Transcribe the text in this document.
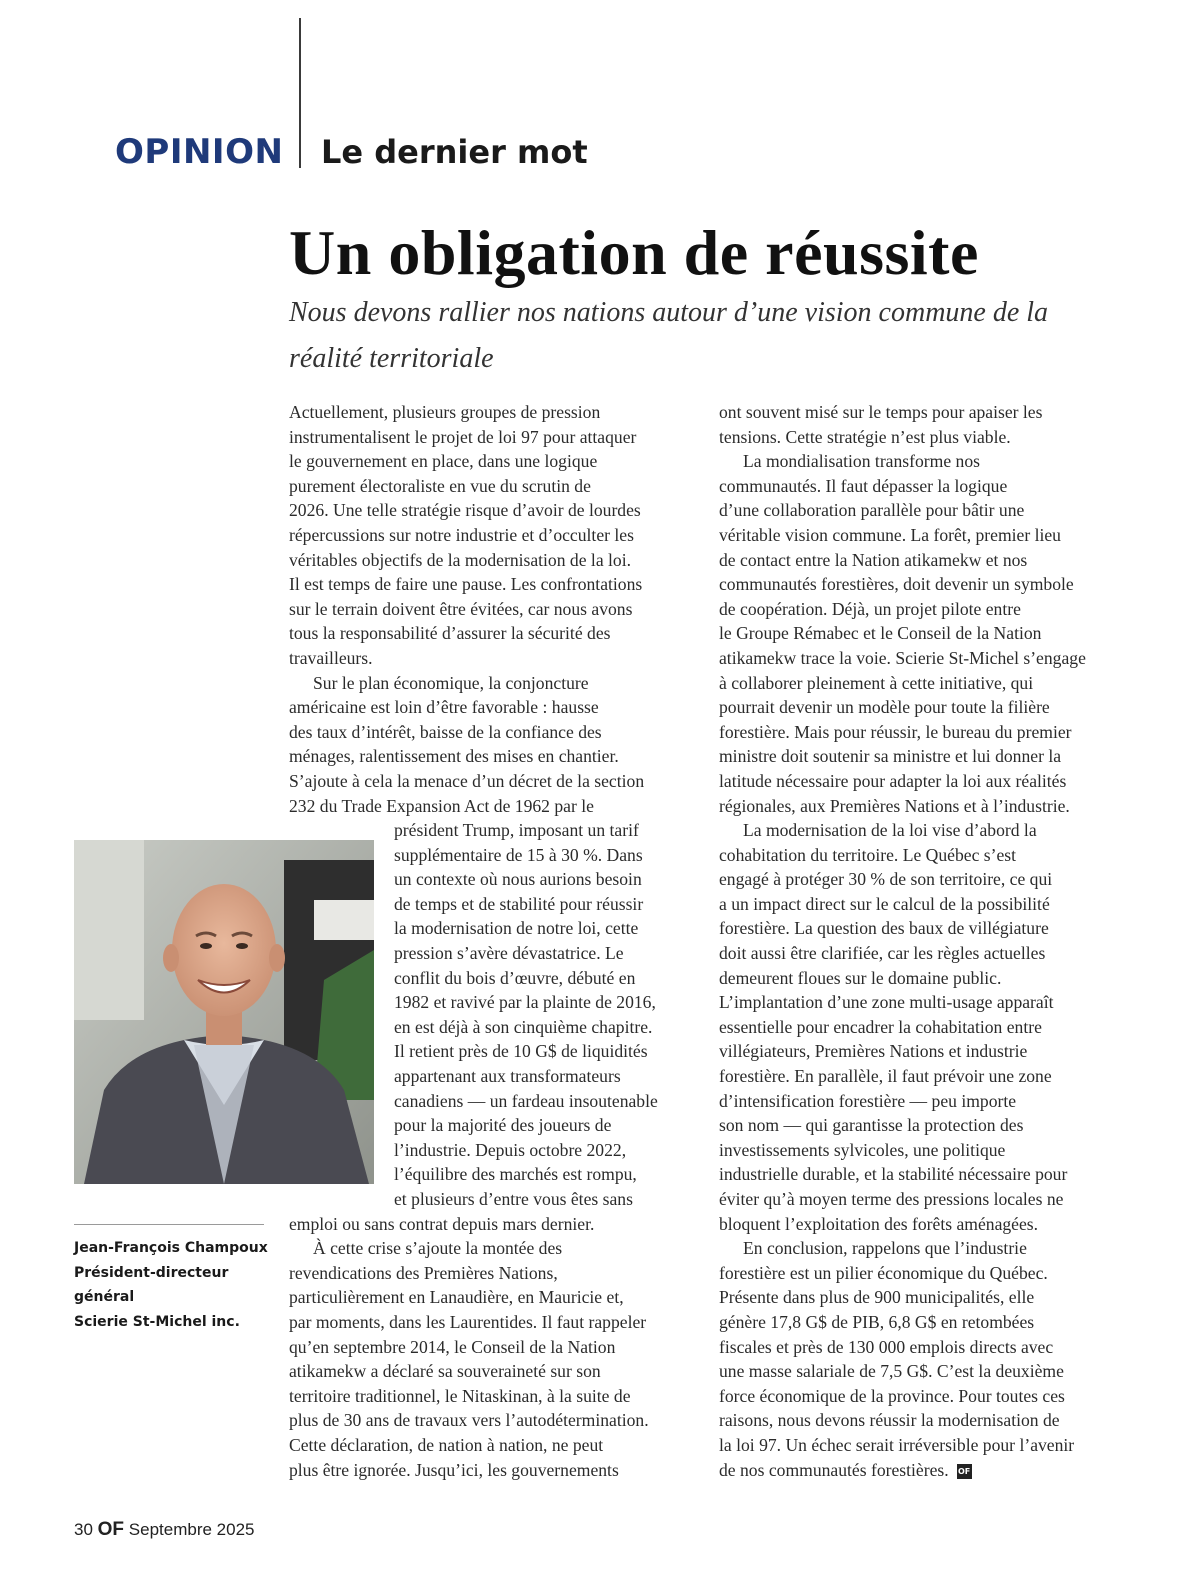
OPINION Le dernier mot
Un obligation de réussite
Nous devons rallier nos nations autour d’une vision commune de la
réalité territoriale
Actuellement, plusieurs groupes de pression
instrumentalisent le projet de loi 97 pour attaquer
le gouvernement en place, dans une logique
purement électoraliste en vue du scrutin de
2026. Une telle stratégie risque d’avoir de lourdes
répercussions sur notre industrie et d’occulter les
véritables objectifs de la modernisation de la loi.
Il est temps de faire une pause. Les confrontations
sur le terrain doivent être évitées, car nous avons
tous la responsabilité d’assurer la sécurité des
travailleurs.
Sur le plan économique, la conjoncture
américaine est loin d’être favorable : hausse
des taux d’intérêt, baisse de la confiance des
ménages, ralentissement des mises en chantier.
S’ajoute à cela la menace d’un décret de la section
232 du Trade Expansion Act de 1962 par le
président Trump, imposant un tarif
supplémentaire de 15 à 30 %. Dans
un contexte où nous aurions besoin
de temps et de stabilité pour réussir
la modernisation de notre loi, cette
pression s’avère dévastatrice. Le
conflit du bois d’œuvre, débuté en
1982 et ravivé par la plainte de 2016,
en est déjà à son cinquième chapitre.
Il retient près de 10 G$ de liquidités
appartenant aux transformateurs
canadiens — un fardeau insoutenable
pour la majorité des joueurs de
l’industrie. Depuis octobre 2022,
l’équilibre des marchés est rompu,
et plusieurs d’entre vous êtes sans
emploi ou sans contrat depuis mars dernier.
À cette crise s’ajoute la montée des
revendications des Premières Nations,
particulièrement en Lanaudière, en Mauricie et,
par moments, dans les Laurentides. Il faut rappeler
qu’en septembre 2014, le Conseil de la Nation
atikamekw a déclaré sa souveraineté sur son
territoire traditionnel, le Nitaskinan, à la suite de
plus de 30 ans de travaux vers l’autodétermination.
Cette déclaration, de nation à nation, ne peut
plus être ignorée. Jusqu’ici, les gouvernements
ont souvent misé sur le temps pour apaiser les
tensions. Cette stratégie n’est plus viable.
La mondialisation transforme nos
communautés. Il faut dépasser la logique
d’une collaboration parallèle pour bâtir une
véritable vision commune. La forêt, premier lieu
de contact entre la Nation atikamekw et nos
communautés forestières, doit devenir un symbole
de coopération. Déjà, un projet pilote entre
le Groupe Rémabec et le Conseil de la Nation
atikamekw trace la voie. Scierie St-Michel s’engage
à collaborer pleinement à cette initiative, qui
pourrait devenir un modèle pour toute la filière
forestière. Mais pour réussir, le bureau du premier
ministre doit soutenir sa ministre et lui donner la
latitude nécessaire pour adapter la loi aux réalités
régionales, aux Premières Nations et à l’industrie.
La modernisation de la loi vise d’abord la
cohabitation du territoire. Le Québec s’est
engagé à protéger 30 % de son territoire, ce qui
a un impact direct sur le calcul de la possibilité
forestière. La question des baux de villégiature
doit aussi être clarifiée, car les règles actuelles
demeurent floues sur le domaine public.
L’implantation d’une zone multi-usage apparaît
essentielle pour encadrer la cohabitation entre
villégiateurs, Premières Nations et industrie
forestière. En parallèle, il faut prévoir une zone
d’intensification forestière — peu importe
son nom — qui garantisse la protection des
investissements sylvicoles, une politique
industrielle durable, et la stabilité nécessaire pour
éviter qu’à moyen terme des pressions locales ne
bloquent l’exploitation des forêts aménagées.
En conclusion, rappelons que l’industrie
forestière est un pilier économique du Québec.
Présente dans plus de 900 municipalités, elle
génère 17,8 G$ de PIB, 6,8 G$ en retombées
fiscales et près de 130 000 emplois directs avec
une masse salariale de 7,5 G$. C’est la deuxième
force économique de la province. Pour toutes ces
raisons, nous devons réussir la modernisation de
la loi 97. Un échec serait irréversible pour l’avenir
de nos communautés forestières. OF
Jean-François Champoux
Président-directeur
général
Scierie St-Michel inc.
30 OF Septembre 2025
